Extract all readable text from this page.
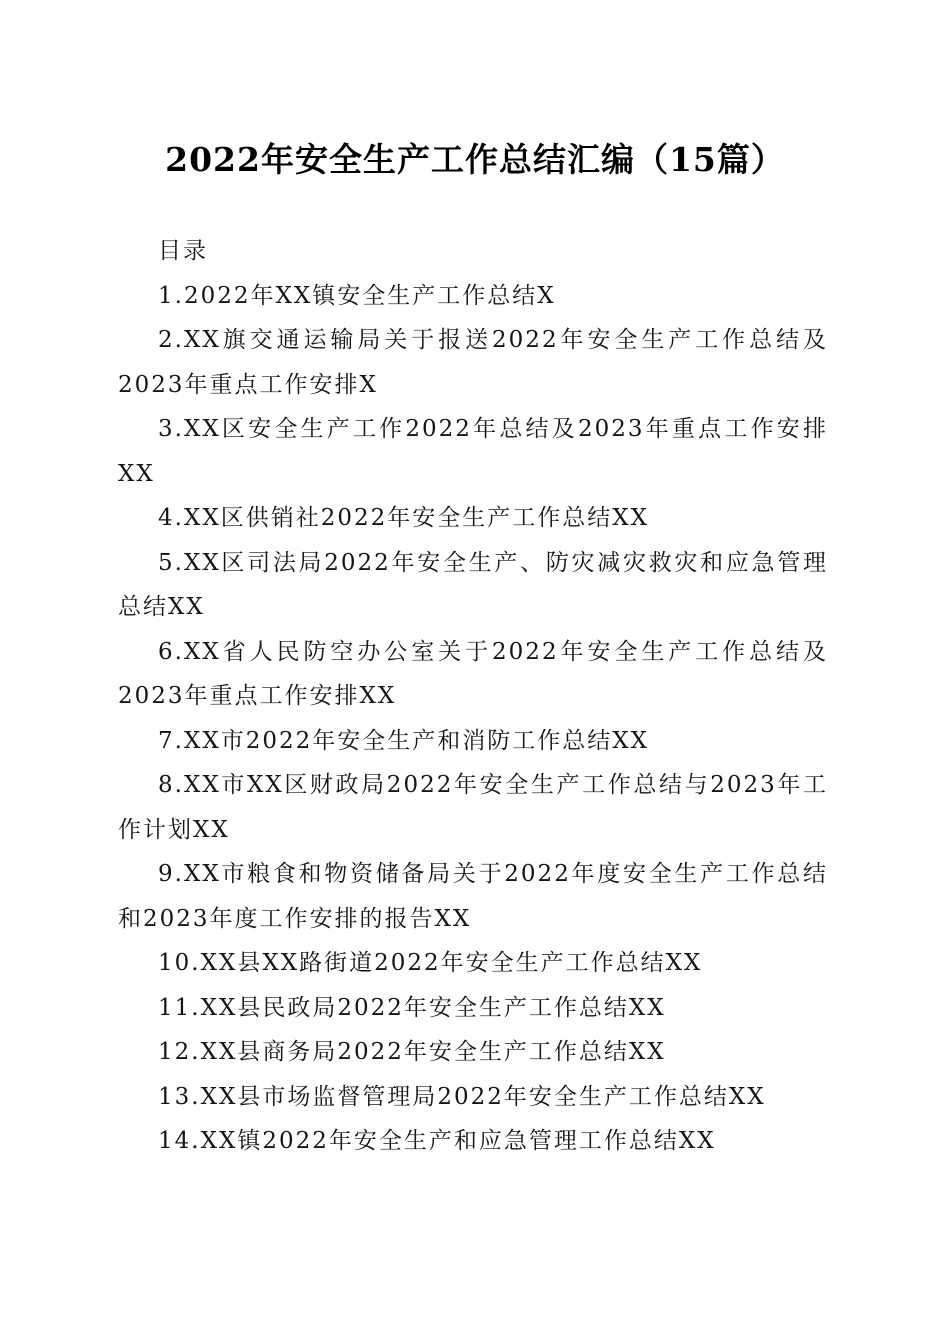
2022年安全生产工作总结汇编（15篇）

目录

1.2022年XX镇安全生产工作总结X
2.XX旗交通运输局关于报送2022年安全生产工作总结及2023年重点工作安排X
3.XX区安全生产工作2022年总结及2023年重点工作安排XX
4.XX区供销社2022年安全生产工作总结XX
5.XX区司法局2022年安全生产、防灾减灾救灾和应急管理总结XX
6.XX省人民防空办公室关于2022年安全生产工作总结及2023年重点工作安排XX
7.XX市2022年安全生产和消防工作总结XX
8.XX市XX区财政局2022年安全生产工作总结与2023年工作计划XX
9.XX市粮食和物资储备局关于2022年度安全生产工作总结和2023年度工作安排的报告XX
10.XX县XX路街道2022年安全生产工作总结XX
11.XX县民政局2022年安全生产工作总结XX
12.XX县商务局2022年安全生产工作总结XX
13.XX县市场监督管理局2022年安全生产工作总结XX
14.XX镇2022年安全生产和应急管理工作总结XX
